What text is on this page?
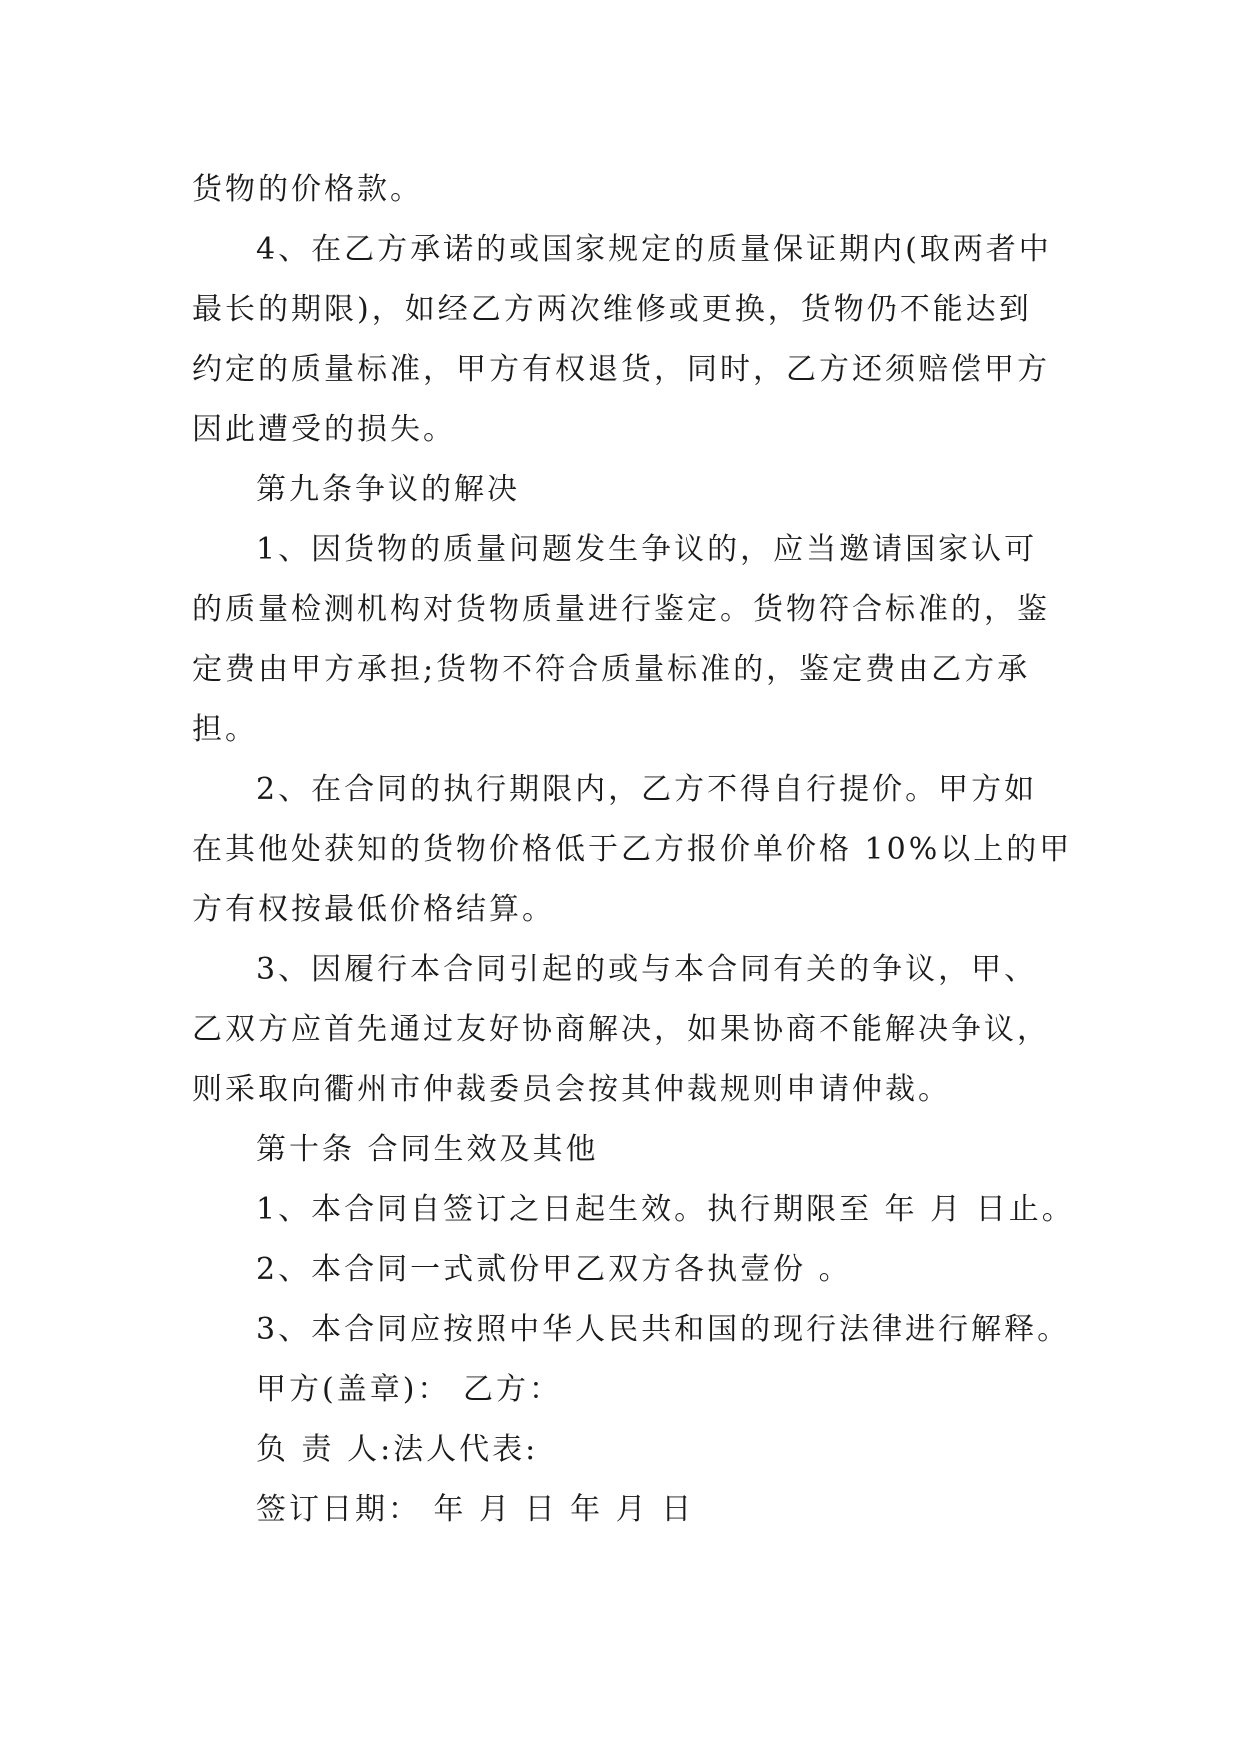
货物的价格款。

4、在乙方承诺的或国家规定的质量保证期内(取两者中

最长的期限)，如经乙方两次维修或更换，货物仍不能达到

约定的质量标准，甲方有权退货，同时，乙方还须赔偿甲方

因此遭受的损失。

第九条争议的解决

1、因货物的质量问题发生争议的，应当邀请国家认可

的质量检测机构对货物质量进行鉴定。货物符合标准的，鉴

定费由甲方承担;货物不符合质量标准的，鉴定费由乙方承

担。

2、在合同的执行期限内，乙方不得自行提价。甲方如

在其他处获知的货物价格低于乙方报价单价格 10%以上的甲

方有权按最低价格结算。

3、因履行本合同引起的或与本合同有关的争议，甲、

乙双方应首先通过友好协商解决，如果协商不能解决争议，

则采取向衢州市仲裁委员会按其仲裁规则申请仲裁。

第十条 合同生效及其他

1、本合同自签订之日起生效。执行期限至 年 月 日止。

2、本合同一式贰份甲乙双方各执壹份 。

3、本合同应按照中华人民共和国的现行法律进行解释。

甲方(盖章)： 乙方：

负 责 人:法人代表:

签订日期： 年 月 日 年 月 日
